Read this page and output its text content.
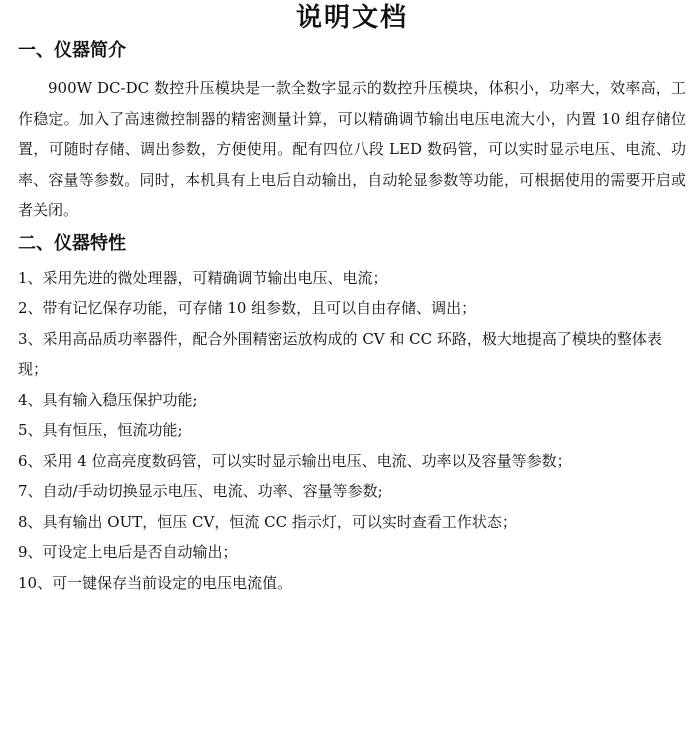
说明文档
一、仪器简介

900W DC-DC 数控升压模块是一款全数字显示的数控升压模块，体积小，功率大，效率高，工作稳定。加入了高速微控制器的精密测量计算，可以精确调节输出电压电流大小，内置 10 组存储位置，可随时存储、调出参数，方便使用。配有四位八段 LED 数码管，可以实时显示电压、电流、功率、容量等参数。同时，本机具有上电后自动输出，自动轮显参数等功能，可根据使用的需要开启或者关闭。

二、仪器特性
1、采用先进的微处理器，可精确调节输出电压、电流；
2、带有记忆保存功能，可存储 10 组参数，且可以自由存储、调出；
3、采用高品质功率器件，配合外围精密运放构成的 CV 和 CC 环路，极大地提高了模块的整体表现；
4、具有输入稳压保护功能;
5、具有恒压，恒流功能;
6、采用 4 位高亮度数码管，可以实时显示输出电压、电流、功率以及容量等参数；
7、自动/手动切换显示电压、电流、功率、容量等参数;
8、具有输出 OUT，恒压 CV，恒流 CC 指示灯，可以实时查看工作状态；
9、可设定上电后是否自动输出；
10、可一键保存当前设定的电压电流值。
